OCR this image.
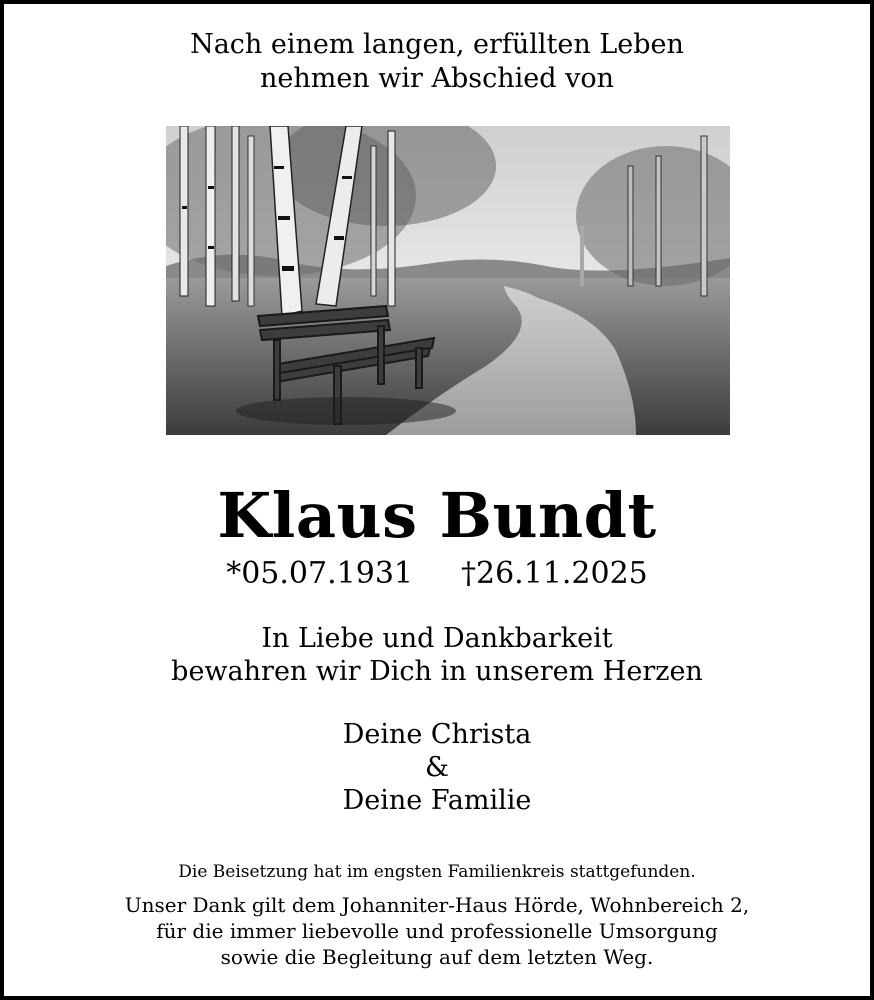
Nach einem langen, erfüllten Leben
nehmen wir Abschied von
Klaus Bundt
*05.07.1931 †26.11.2025
In Liebe und Dankbarkeit
bewahren wir Dich in unserem Herzen
Deine Christa
&
Deine Familie
Die Beisetzung hat im engsten Familienkreis stattgefunden.
Unser Dank gilt dem Johanniter-Haus Hörde, Wohnbereich 2,
für die immer liebevolle und professionelle Umsorgung
sowie die Begleitung auf dem letzten Weg.
